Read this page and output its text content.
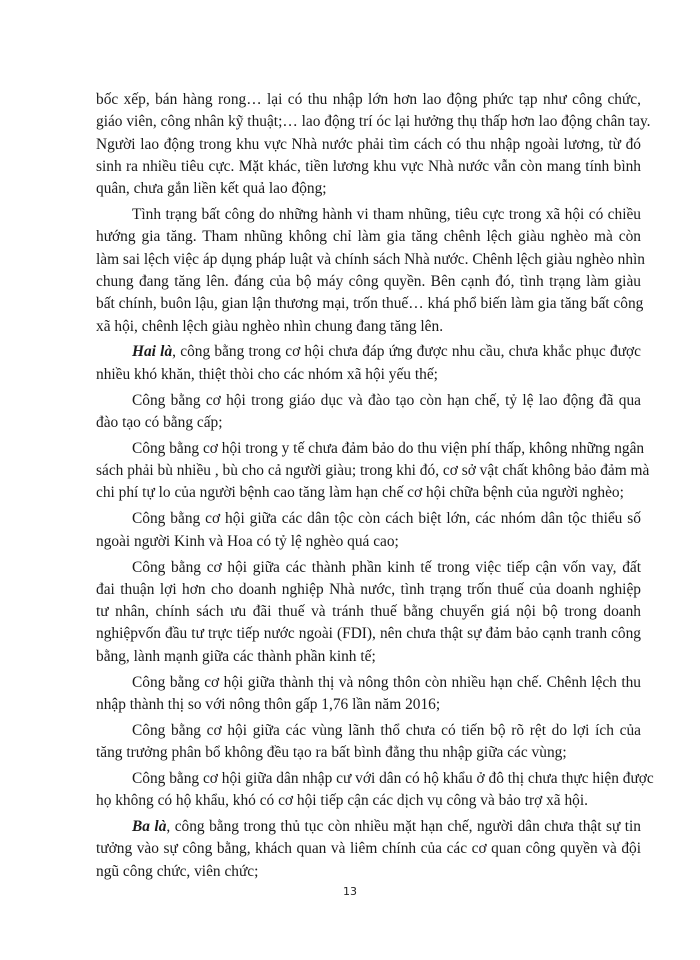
bốc xếp, bán hàng rong… lại có thu nhập lớn hơn lao động phức tạp như công chức,
giáo viên, công nhân kỹ thuật;… lao động trí óc lại hưởng thụ thấp hơn lao động chân tay.
Người lao động trong khu vực Nhà nước phải tìm cách có thu nhập ngoài lương, từ đó
sinh ra nhiều tiêu cực. Mặt khác, tiền lương khu vực Nhà nước vẫn còn mang tính bình
quân, chưa gắn liền kết quả lao động;
Tình trạng bất công do những hành vi tham nhũng, tiêu cực trong xã hội có chiều
hướng gia tăng. Tham nhũng không chỉ làm gia tăng chênh lệch giàu nghèo mà còn
làm sai lệch việc áp dụng pháp luật và chính sách Nhà nước. Chênh lệch giàu nghèo nhìn
chung đang tăng lên. đáng của bộ máy công quyền. Bên cạnh đó, tình trạng làm giàu
bất chính, buôn lậu, gian lận thương mại, trốn thuế… khá phổ biến làm gia tăng bất công
xã hội, chênh lệch giàu nghèo nhìn chung đang tăng lên.
Hai là, công bằng trong cơ hội chưa đáp ứng được nhu cầu, chưa khắc phục được
nhiều khó khăn, thiệt thòi cho các nhóm xã hội yếu thế;
Công bằng cơ hội trong giáo dục và đào tạo còn hạn chế, tỷ lệ lao động đã qua
đào tạo có bằng cấp;
Công bằng cơ hội trong y tế chưa đảm bảo do thu viện phí thấp, không những ngân
sách phải bù nhiều , bù cho cả người giàu; trong khi đó, cơ sở vật chất không bảo đảm mà
chi phí tự lo của người bệnh cao tăng làm hạn chế cơ hội chữa bệnh của người nghèo;
Công bằng cơ hội giữa các dân tộc còn cách biệt lớn, các nhóm dân tộc thiểu số
ngoài người Kinh và Hoa có tỷ lệ nghèo quá cao;
Công bằng cơ hội giữa các thành phần kinh tế trong việc tiếp cận vốn vay, đất
đai thuận lợi hơn cho doanh nghiệp Nhà nước, tình trạng trốn thuế của doanh nghiệp
tư nhân, chính sách ưu đãi thuế và tránh thuế bằng chuyển giá nội bộ trong doanh
nghiệpvốn đầu tư trực tiếp nước ngoài (FDI), nên chưa thật sự đảm bảo cạnh tranh công
bằng, lành mạnh giữa các thành phần kinh tế;
Công bằng cơ hội giữa thành thị và nông thôn còn nhiều hạn chế. Chênh lệch thu
nhập thành thị so với nông thôn gấp 1,76 lần năm 2016;
Công bằng cơ hội giữa các vùng lãnh thổ chưa có tiến bộ rõ rệt do lợi ích của
tăng trưởng phân bổ không đều tạo ra bất bình đẳng thu nhập giữa các vùng;
Công bằng cơ hội giữa dân nhập cư với dân có hộ khẩu ở đô thị chưa thực hiện được
họ không có hộ khẩu, khó có cơ hội tiếp cận các dịch vụ công và bảo trợ xã hội.
Ba là, công bằng trong thủ tục còn nhiều mặt hạn chế, người dân chưa thật sự tin
tưởng vào sự công bằng, khách quan và liêm chính của các cơ quan công quyền và đội
ngũ công chức, viên chức;
13
